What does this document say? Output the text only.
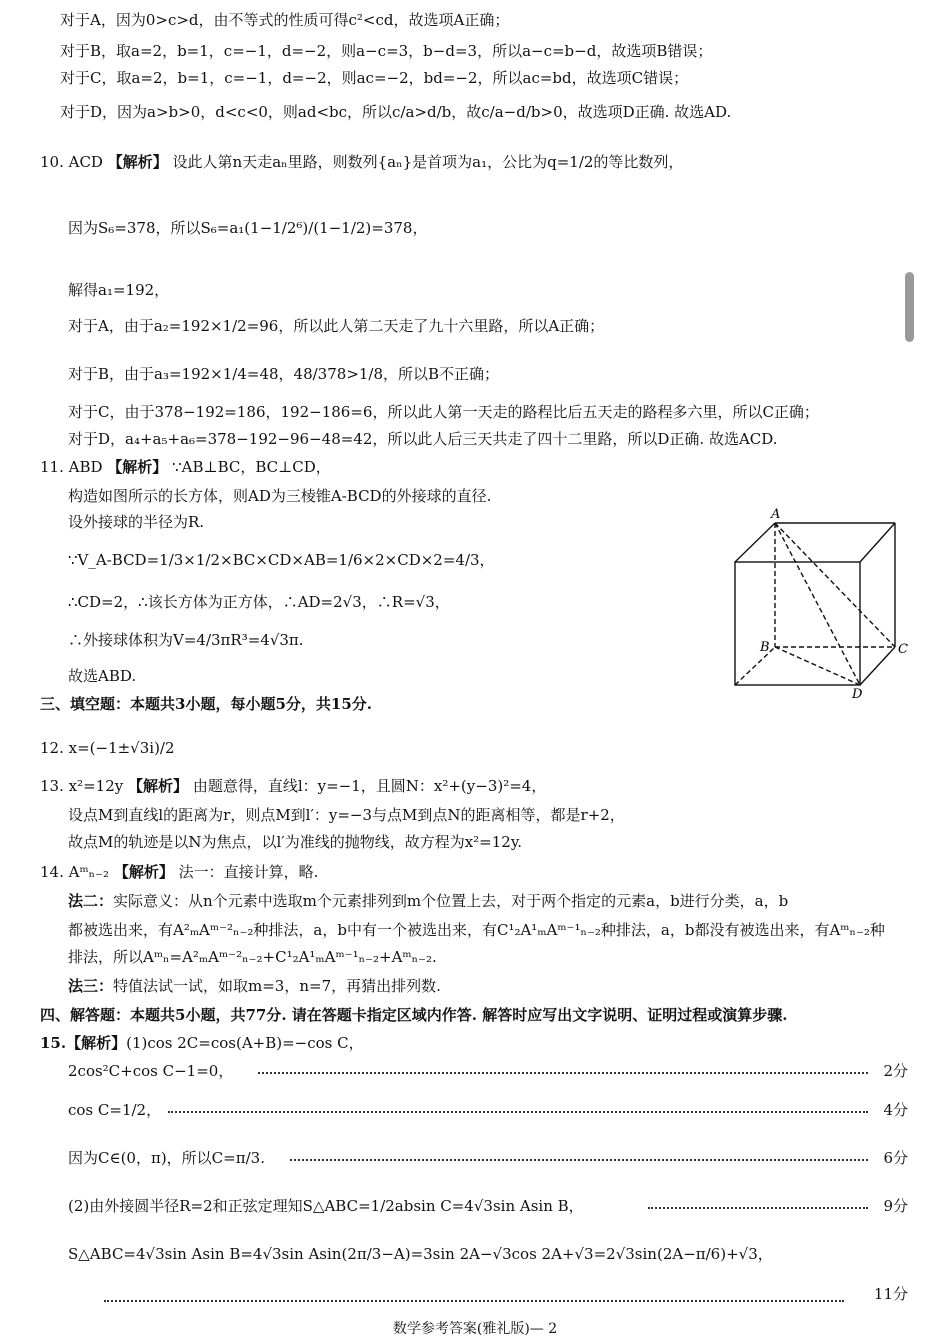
对于A，因为0>c>d，由不等式的性质可得c²<cd，故选项A正确；
对于B，取a=2，b=1，c=−1，d=−2，则a−c=3，b−d=3，所以a−c=b−d，故选项B错误；
对于C，取a=2，b=1，c=−1，d=−2，则ac=−2，bd=−2，所以ac=bd，故选项C错误；
对于D，因为a>b>0，d<c<0，则ad<bc，所以c/a>d/b，故c/a−d/b>0，故选项D正确. 故选AD.
10. ACD 【解析】 设此人第n天走aₙ里路，则数列{aₙ}是首项为a₁，公比为q=1/2的等比数列，
因为S₆=378，所以S₆=a₁(1−1/2⁶)/(1−1/2)=378，
解得a₁=192，
对于A，由于a₂=192×1/2=96，所以此人第二天走了九十六里路，所以A正确；
对于B，由于a₃=192×1/4=48，48/378>1/8，所以B不正确；
对于C，由于378−192=186，192−186=6，所以此人第一天走的路程比后五天走的路程多六里，所以C正确；
对于D，a₄+a₅+a₆=378−192−96−48=42，所以此人后三天共走了四十二里路，所以D正确. 故选ACD.
11. ABD 【解析】 ∵AB⊥BC，BC⊥CD，
构造如图所示的长方体，则AD为三棱锥A-BCD的外接球的直径.
设外接球的半径为R.
∵V_A-BCD=1/3×1/2×BC×CD×AB=1/6×2×CD×2=4/3，
∴CD=2，∴该长方体为正方体，∴AD=2√3，∴R=√3，
∴外接球体积为V=4/3πR³=4√3π.
故选ABD.
三、填空题：本题共3小题，每小题5分，共15分.
12. x=(−1±√3i)/2
13. x²=12y 【解析】 由题意得，直线l：y=−1，且圆N：x²+(y−3)²=4，
设点M到直线l的距离为r，则点M到l′：y=−3与点M到点N的距离相等，都是r+2，
故点M的轨迹是以N为焦点，以l′为准线的抛物线，故方程为x²=12y.
14. Aᵐₙ₋₂ 【解析】 法一：直接计算，略.
法二：实际意义：从n个元素中选取m个元素排列到m个位置上去，对于两个指定的元素a，b进行分类，a，b
都被选出来，有A²ₘAᵐ⁻²ₙ₋₂种排法，a，b中有一个被选出来，有C¹₂A¹ₘAᵐ⁻¹ₙ₋₂种排法，a，b都没有被选出来，有Aᵐₙ₋₂种
排法，所以Aᵐₙ=A²ₘAᵐ⁻²ₙ₋₂+C¹₂A¹ₘAᵐ⁻¹ₙ₋₂+Aᵐₙ₋₂.
法三：特值法试一试，如取m=3，n=7，再猜出排列数.
四、解答题：本题共5小题，共77分. 请在答题卡指定区域内作答. 解答时应写出文字说明、证明过程或演算步骤.
15.【解析】(1)cos 2C=cos(A+B)=−cos C，
2cos²C+cos C−1=0，	2分
cos C=1/2，	4分
因为C∈(0，π)，所以C=π/3.	6分
(2)由外接圆半径R=2和正弦定理知S△ABC=1/2absin C=4√3sin Asin B，	9分
S△ABC=4√3sin Asin B=4√3sin Asin(2π/3−A)=3sin 2A−√3cos 2A+√3=2√3sin(2A−π/6)+√3，
11分
A
B	C
D
数学参考答案(雅礼版)— 2
